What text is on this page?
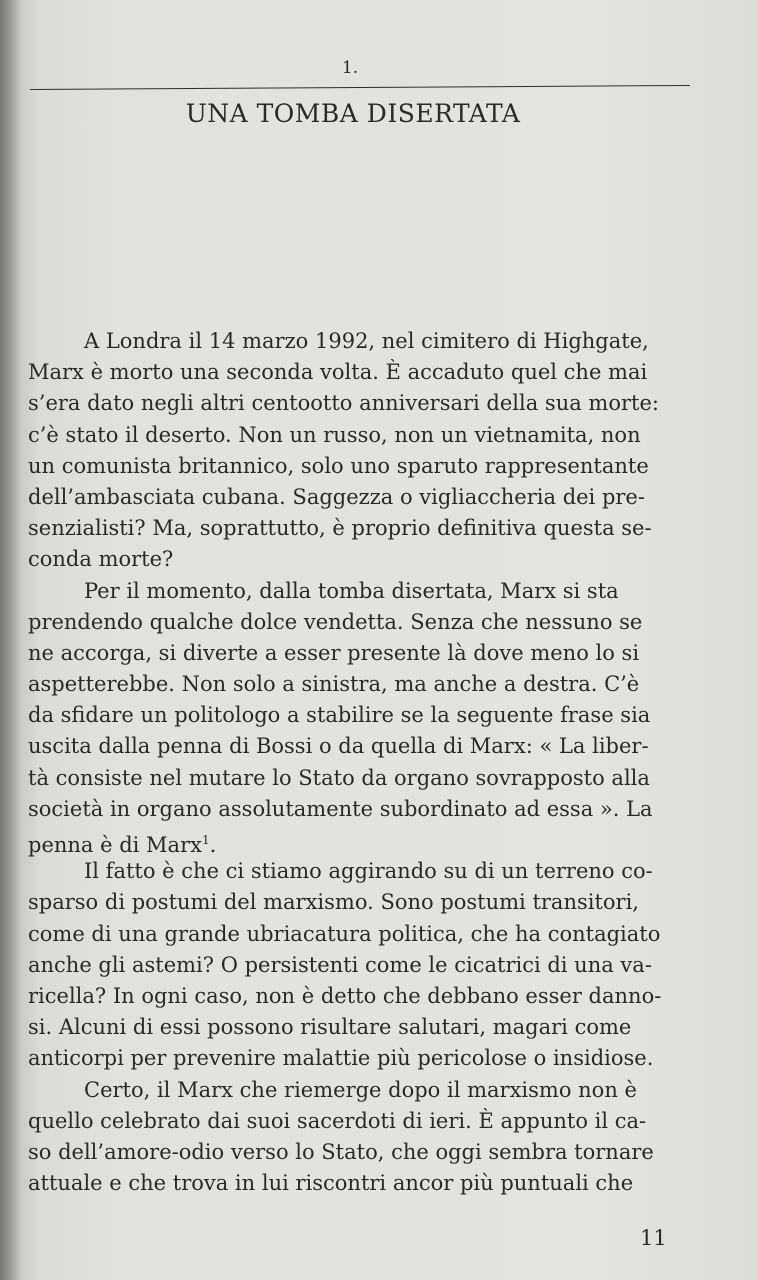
1.
UNA TOMBA DISERTATA
A Londra il 14 marzo 1992, nel cimitero di Highgate,
Marx è morto una seconda volta. È accaduto quel che mai
s’era dato negli altri centootto anniversari della sua morte:
c’è stato il deserto. Non un russo, non un vietnamita, non
un comunista britannico, solo uno sparuto rappresentante
dell’ambasciata cubana. Saggezza o vigliaccheria dei pre-
senzialisti? Ma, soprattutto, è proprio definitiva questa se-
conda morte?
Per il momento, dalla tomba disertata, Marx si sta
prendendo qualche dolce vendetta. Senza che nessuno se
ne accorga, si diverte a esser presente là dove meno lo si
aspetterebbe. Non solo a sinistra, ma anche a destra. C’è
da sfidare un politologo a stabilire se la seguente frase sia
uscita dalla penna di Bossi o da quella di Marx: « La liber-
tà consiste nel mutare lo Stato da organo sovrapposto alla
società in organo assolutamente subordinato ad essa ». La
penna è di Marx$^1$.
Il fatto è che ci stiamo aggirando su di un terreno co-
sparso di postumi del marxismo. Sono postumi transitori,
come di una grande ubriacatura politica, che ha contagiato
anche gli astemi? O persistenti come le cicatrici di una va-
ricella? In ogni caso, non è detto che debbano esser danno-
si. Alcuni di essi possono risultare salutari, magari come
anticorpi per prevenire malattie più pericolose o insidiose.
Certo, il Marx che riemerge dopo il marxismo non è
quello celebrato dai suoi sacerdoti di ieri. È appunto il ca-
so dell’amore-odio verso lo Stato, che oggi sembra tornare
attuale e che trova in lui riscontri ancor più puntuali che
11
